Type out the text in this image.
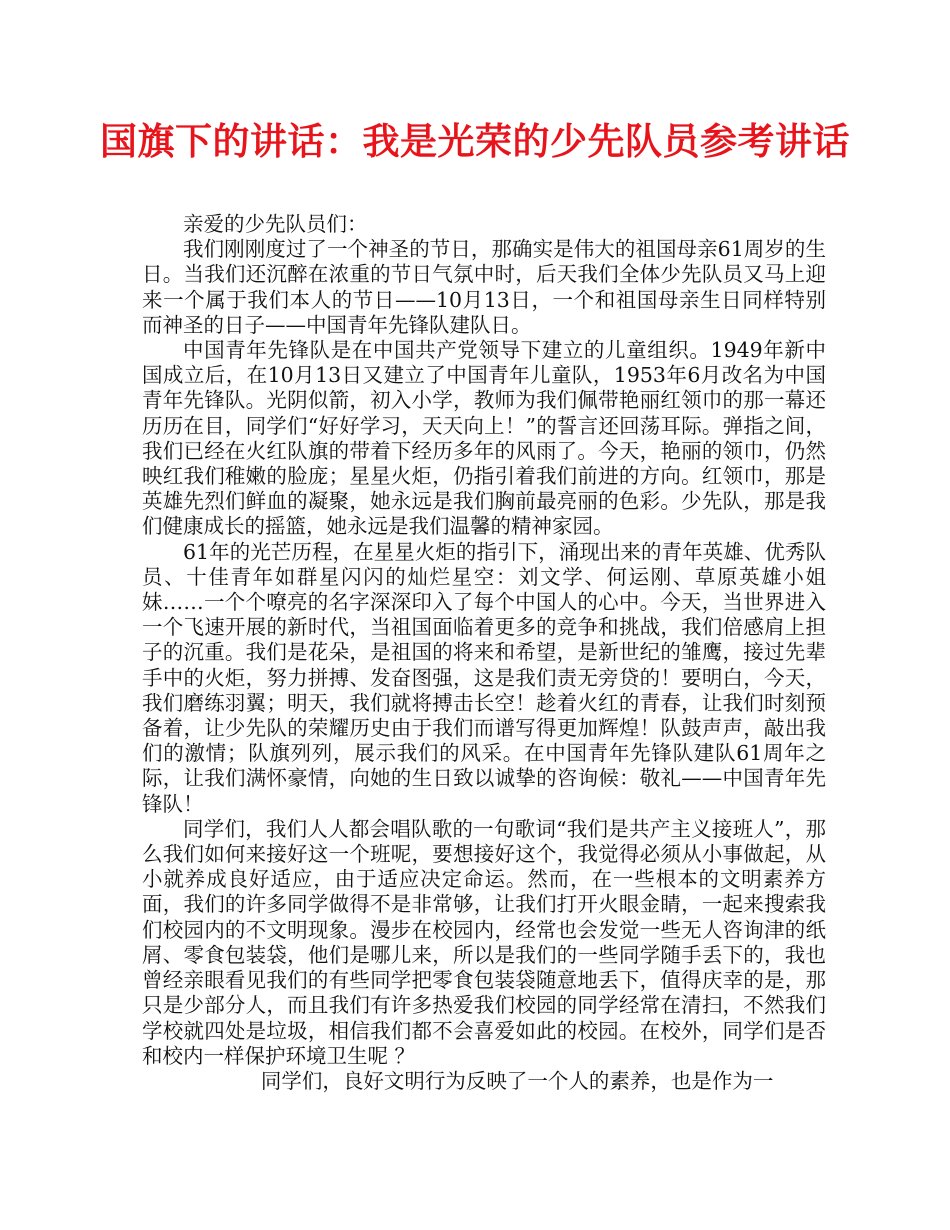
国旗下的讲话：我是光荣的少先队员参考讲话

亲爱的少先队员们：

我们刚刚度过了一个神圣的节日，那确实是伟大的祖国母亲61周岁的生日。当我们还沉醉在浓重的节日气氛中时，后天我们全体少先队员又马上迎来一个属于我们本人的节日——10月13日，一个和祖国母亲生日同样特别而神圣的日子——中国青年先锋队建队日。

中国青年先锋队是在中国共产党领导下建立的儿童组织。1949年新中国成立后，在10月13日又建立了中国青年儿童队，1953年6月改名为中国青年先锋队。光阴似箭，初入小学，教师为我们佩带艳丽红领巾的那一幕还历历在目，同学们“好好学习，天天向上！”的誓言还回荡耳际。弹指之间，我们已经在火红队旗的带着下经历多年的风雨了。今天，艳丽的领巾，仍然映红我们稚嫩的脸庞；星星火炬，仍指引着我们前进的方向。红领巾，那是英雄先烈们鲜血的凝聚，她永远是我们胸前最亮丽的色彩。少先队，那是我们健康成长的摇篮，她永远是我们温馨的精神家园。

61年的光芒历程，在星星火炬的指引下，涌现出来的青年英雄、优秀队员、十佳青年如群星闪闪的灿烂星空：刘文学、何运刚、草原英雄小姐妹……一个个嘹亮的名字深深印入了每个中国人的心中。今天，当世界进入一个飞速开展的新时代，当祖国面临着更多的竞争和挑战，我们倍感肩上担子的沉重。我们是花朵，是祖国的将来和希望，是新世纪的雏鹰，接过先辈手中的火炬，努力拼搏、发奋图强，这是我们责无旁贷的！要明白，今天，我们磨练羽翼；明天，我们就将搏击长空！趁着火红的青春，让我们时刻预备着，让少先队的荣耀历史由于我们而谱写得更加辉煌！队鼓声声，敲出我们的激情；队旗列列，展示我们的风采。在中国青年先锋队建队61周年之际，让我们满怀豪情，向她的生日致以诚挚的咨询候：敬礼——中国青年先锋队！

同学们，我们人人都会唱队歌的一句歌词“我们是共产主义接班人”，那么我们如何来接好这一个班呢，要想接好这个，我觉得必须从小事做起，从小就养成良好适应，由于适应决定命运。然而，在一些根本的文明素养方面，我们的许多同学做得不是非常够，让我们打开火眼金睛，一起来搜索我们校园内的不文明现象。漫步在校园内，经常也会发觉一些无人咨询津的纸屑、零食包装袋，他们是哪儿来，所以是我们的一些同学随手丢下的，我也曾经亲眼看见我们的有些同学把零食包装袋随意地丢下，值得庆幸的是，那只是少部分人，而且我们有许多热爱我们校园的同学经常在清扫，不然我们学校就四处是垃圾，相信我们都不会喜爱如此的校园。在校外，同学们是否和校内一样保护环境卫生呢 ？

同学们，良好文明行为反映了一个人的素养，也是作为一
